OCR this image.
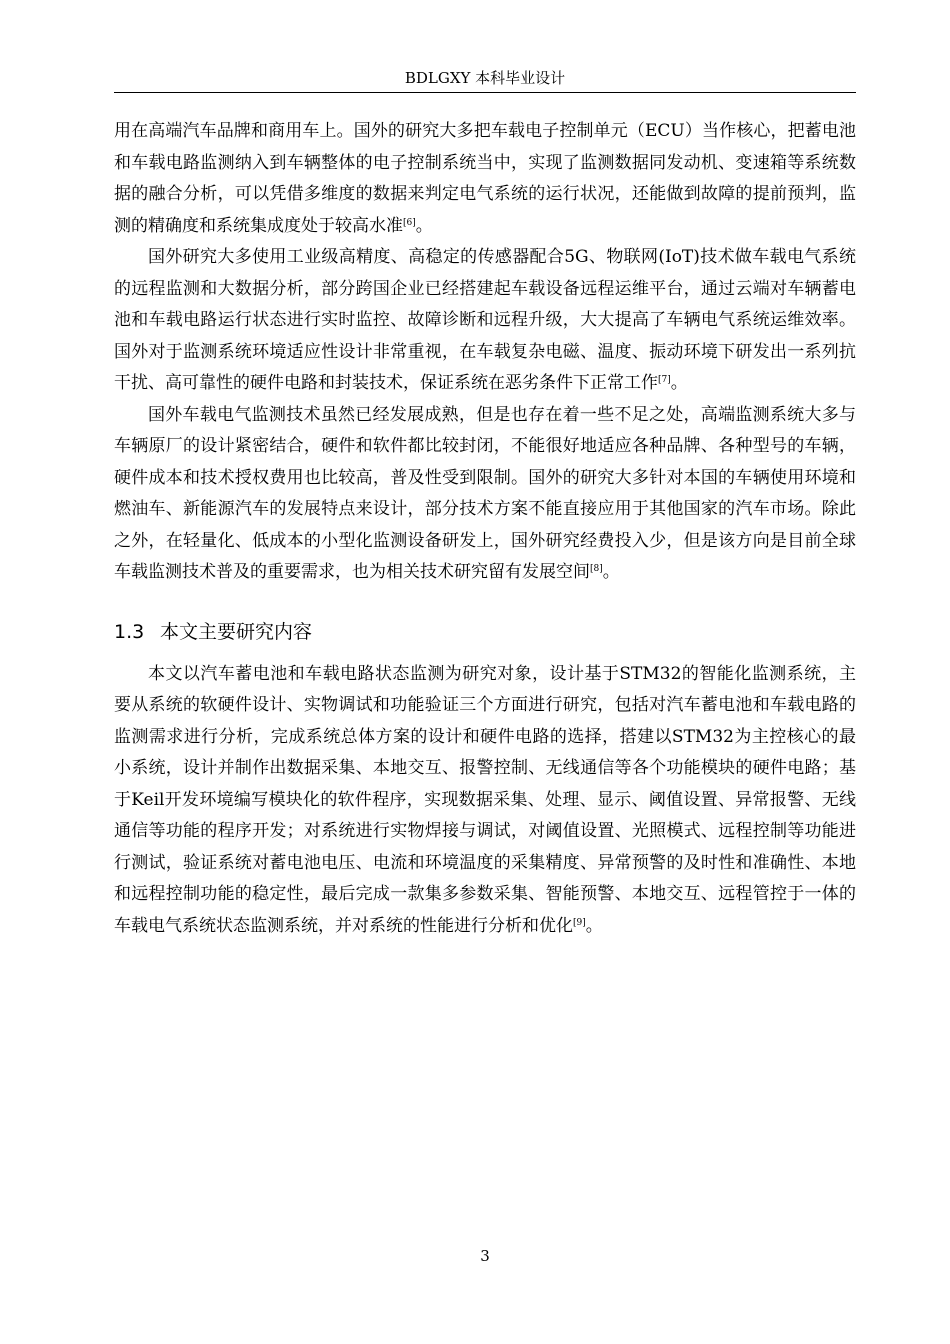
BDLGXY 本科毕业设计

用在高端汽车品牌和商用车上。国外的研究大多把车载电子控制单元（ECU）当作核心，把蓄电池和车载电路监测纳入到车辆整体的电子控制系统当中，实现了监测数据同发动机、变速箱等系统数据的融合分析，可以凭借多维度的数据来判定电气系统的运行状况，还能做到故障的提前预判，监测的精确度和系统集成度处于较高水准[6]。

国外研究大多使用工业级高精度、高稳定的传感器配合5G、物联网(IoT)技术做车载电气系统的远程监测和大数据分析，部分跨国企业已经搭建起车载设备远程运维平台，通过云端对车辆蓄电池和车载电路运行状态进行实时监控、故障诊断和远程升级，大大提高了车辆电气系统运维效率。国外对于监测系统环境适应性设计非常重视，在车载复杂电磁、温度、振动环境下研发出一系列抗干扰、高可靠性的硬件电路和封装技术，保证系统在恶劣条件下正常工作[7]。

国外车载电气监测技术虽然已经发展成熟，但是也存在着一些不足之处，高端监测系统大多与车辆原厂的设计紧密结合，硬件和软件都比较封闭，不能很好地适应各种品牌、各种型号的车辆，硬件成本和技术授权费用也比较高，普及性受到限制。国外的研究大多针对本国的车辆使用环境和燃油车、新能源汽车的发展特点来设计，部分技术方案不能直接应用于其他国家的汽车市场。除此之外，在轻量化、低成本的小型化监测设备研发上，国外研究经费投入少，但是该方向是目前全球车载监测技术普及的重要需求，也为相关技术研究留有发展空间[8]。

1.3 本文主要研究内容

本文以汽车蓄电池和车载电路状态监测为研究对象，设计基于STM32的智能化监测系统，主要从系统的软硬件设计、实物调试和功能验证三个方面进行研究，包括对汽车蓄电池和车载电路的监测需求进行分析，完成系统总体方案的设计和硬件电路的选择，搭建以STM32为主控核心的最小系统，设计并制作出数据采集、本地交互、报警控制、无线通信等各个功能模块的硬件电路；基于Keil开发环境编写模块化的软件程序，实现数据采集、处理、显示、阈值设置、异常报警、无线通信等功能的程序开发；对系统进行实物焊接与调试，对阈值设置、光照模式、远程控制等功能进行测试，验证系统对蓄电池电压、电流和环境温度的采集精度、异常预警的及时性和准确性、本地和远程控制功能的稳定性，最后完成一款集多参数采集、智能预警、本地交互、远程管控于一体的车载电气系统状态监测系统，并对系统的性能进行分析和优化[9]。

3
